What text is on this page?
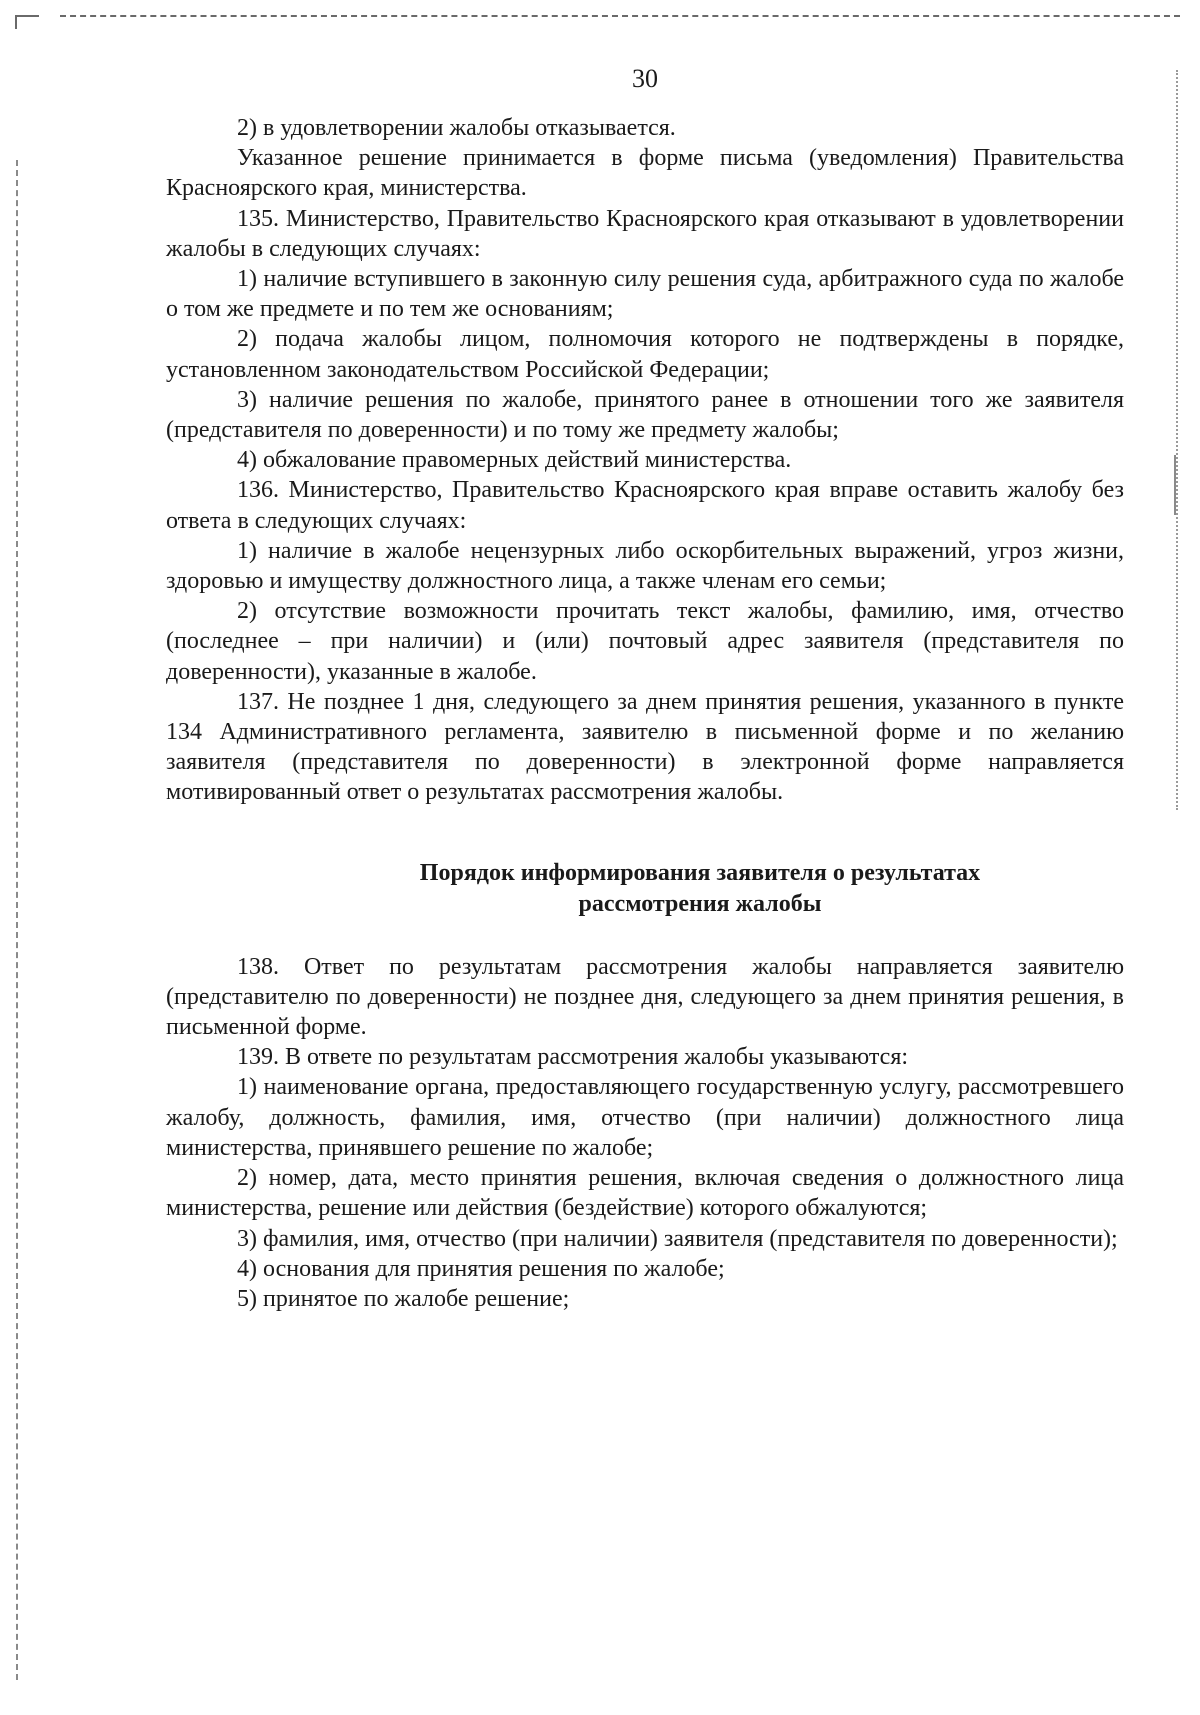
30

2) в удовлетворении жалобы отказывается.

Указанное решение принимается в форме письма (уведомления) Правительства Красноярского края, министерства.

135. Министерство, Правительство Красноярского края отказывают в удовлетворении жалобы в следующих случаях:

1) наличие вступившего в законную силу решения суда, арбитражного суда по жалобе о том же предмете и по тем же основаниям;

2) подача жалобы лицом, полномочия которого не подтверждены в порядке, установленном законодательством Российской Федерации;

3) наличие решения по жалобе, принятого ранее в отношении того же заявителя (представителя по доверенности) и по тому же предмету жалобы;

4) обжалование правомерных действий министерства.

136. Министерство, Правительство Красноярского края вправе оставить жалобу без ответа в следующих случаях:

1) наличие в жалобе нецензурных либо оскорбительных выражений, угроз жизни, здоровью и имуществу должностного лица, а также членам его семьи;

2) отсутствие возможности прочитать текст жалобы, фамилию, имя, отчество (последнее – при наличии) и (или) почтовый адрес заявителя (представителя по доверенности), указанные в жалобе.

137. Не позднее 1 дня, следующего за днем принятия решения, указанного в пункте 134 Административного регламента, заявителю в письменной форме и по желанию заявителя (представителя по доверенности) в электронной форме направляется мотивированный ответ о результатах рассмотрения жалобы.

Порядок информирования заявителя о результатах
рассмотрения жалобы

138. Ответ по результатам рассмотрения жалобы направляется заявителю (представителю по доверенности) не позднее дня, следующего за днем принятия решения, в письменной форме.

139. В ответе по результатам рассмотрения жалобы указываются:

1) наименование органа, предоставляющего государственную услугу, рассмотревшего жалобу, должность, фамилия, имя, отчество (при наличии) должностного лица министерства, принявшего решение по жалобе;

2) номер, дата, место принятия решения, включая сведения о должностного лица министерства, решение или действия (бездействие) которого обжалуются;

3) фамилия, имя, отчество (при наличии) заявителя (представителя по доверенности);

4) основания для принятия решения по жалобе;

5) принятое по жалобе решение;
